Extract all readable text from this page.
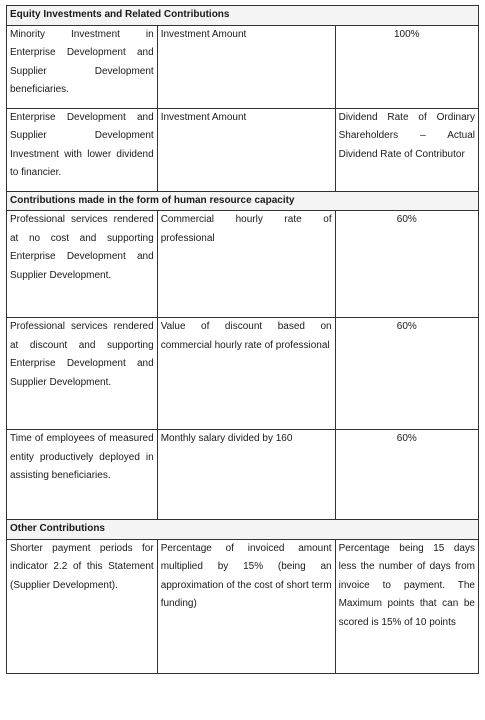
Equity Investments and Related Contributions		
Minority Investment in Enterprise Development and Supplier Development beneficiaries.	Investment Amount	100%
Enterprise Development and Supplier Development Investment with lower dividend to financier.	Investment Amount	Dividend Rate of Ordinary Shareholders – Actual Dividend Rate of Contributor
Contributions made in the form of human resource capacity		
Professional services rendered at no cost and supporting Enterprise Development and Supplier Development.	Commercial hourly rate of professional	60%
Professional services rendered at discount and supporting Enterprise Development and Supplier Development.	Value of discount based on commercial hourly rate of professional	60%
Time of employees of measured entity productively deployed in assisting beneficiaries.	Monthly salary divided by 160	60%
Other Contributions		
Shorter payment periods for indicator 2.2 of this Statement (Supplier Development).	Percentage of invoiced amount multiplied by 15% (being an approximation of the cost of short term funding)	Percentage being 15 days less the number of days from invoice to payment. The Maximum points that can be scored is 15% of 10 points
